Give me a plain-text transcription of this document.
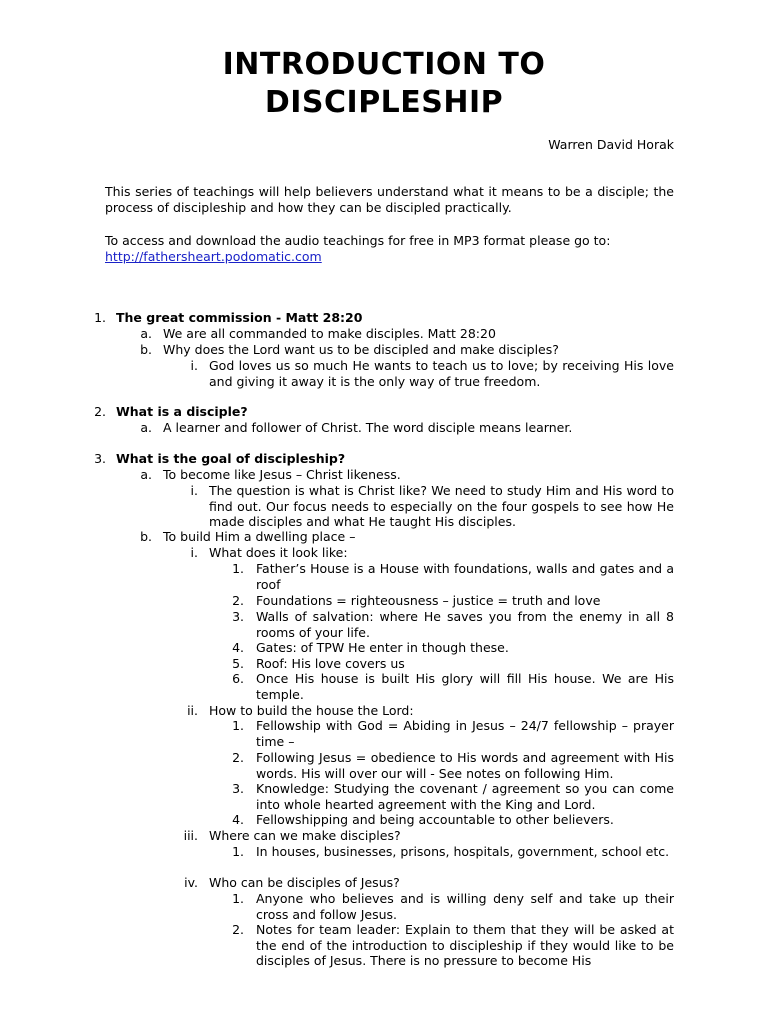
INTRODUCTION TO
DISCIPLESHIP
Warren David Horak
This series of teachings will help believers understand what it means to be a disciple; the process of discipleship and how they can be discipled practically.
To access and download the audio teachings for free in MP3 format please go to:
http://fathersheart.podomatic.com
1. The great commission - Matt 28:20
a. We are all commanded to make disciples. Matt 28:20
b. Why does the Lord want us to be discipled and make disciples?
i. God loves us so much He wants to teach us to love; by receiving His love and giving it away it is the only way of true freedom.
2. What is a disciple?
a. A learner and follower of Christ. The word disciple means learner.
3. What is the goal of discipleship?
a. To become like Jesus – Christ likeness.
i. The question is what is Christ like? We need to study Him and His word to find out. Our focus needs to especially on the four gospels to see how He made disciples and what He taught His disciples.
b. To build Him a dwelling place –
i. What does it look like:
1. Father’s House is a House with foundations, walls and gates and a roof
2. Foundations = righteousness – justice = truth and love
3. Walls of salvation: where He saves you from the enemy in all 8 rooms of your life.
4. Gates: of TPW He enter in though these.
5. Roof: His love covers us
6. Once His house is built His glory will fill His house. We are His temple.
ii. How to build the house the Lord:
1. Fellowship with God = Abiding in Jesus – 24/7 fellowship – prayer time –
2. Following Jesus = obedience to His words and agreement with His words. His will over our will - See notes on following Him.
3. Knowledge: Studying the covenant / agreement so you can come into whole hearted agreement with the King and Lord.
4. Fellowshipping and being accountable to other believers.
iii. Where can we make disciples?
1. In houses, businesses, prisons, hospitals, government, school etc.
iv. Who can be disciples of Jesus?
1. Anyone who believes and is willing deny self and take up their cross and follow Jesus.
2. Notes for team leader: Explain to them that they will be asked at the end of the introduction to discipleship if they would like to be disciples of Jesus. There is no pressure to become His
